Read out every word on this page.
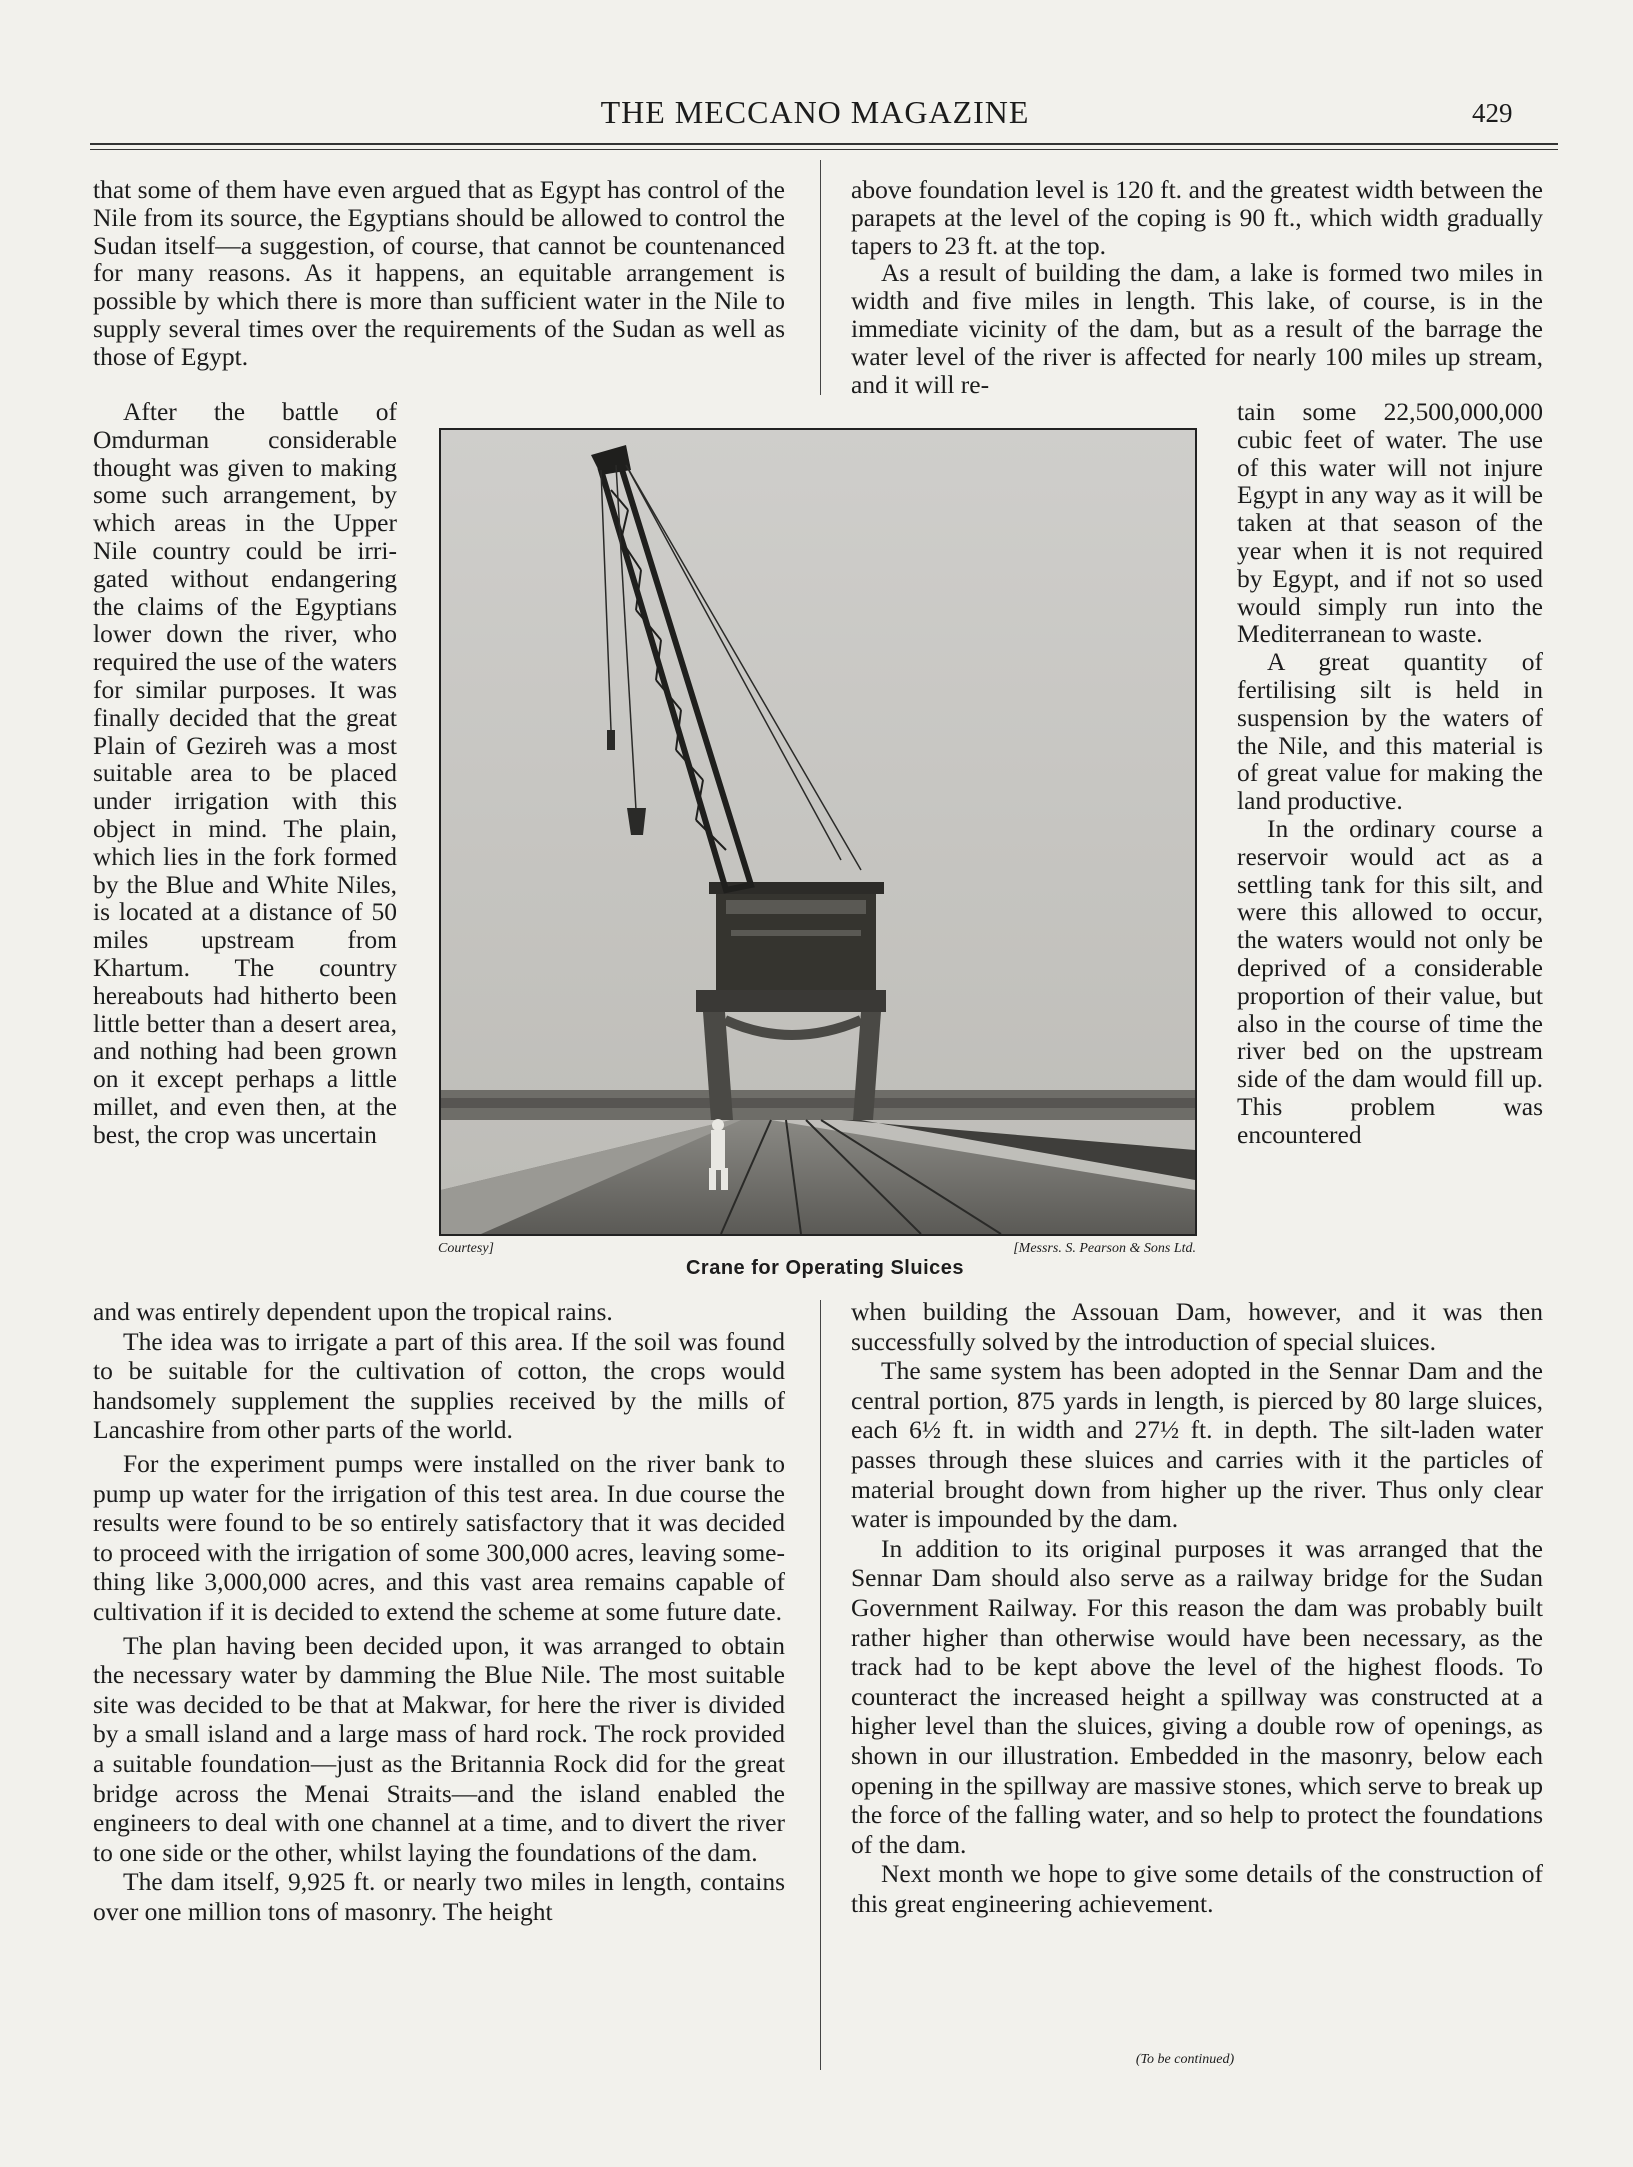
THE MECCANO MAGAZINE	429

that some of them have even argued that as Egypt has control of the Nile from its source, the Egyptians should be allowed to control the Sudan itself—a suggestion, of course, that cannot be countenanced for many reasons. As it happens, an equitable arrangement is possible by which there is more than sufficient water in the Nile to supply several times over the requirements of the Sudan as well as those of Egypt.

After the battle of Omdurman considerable thought was given to making some such arrangement, by which areas in the Upper Nile country could be irrigated without endangering the claims of the Egyptians lower down the river, who required the use of the waters for similar purposes. It was finally decided that the great Plain of Gezireh was a most suitable area to be placed under irrigation with this object in mind. The plain, which lies in the fork formed by the Blue and White Niles, is located at a distance of 50 miles upstream from Khartum. The country hereabouts had hitherto been little better than a desert area, and nothing had been grown on it except perhaps a little millet, and even then, at the best, the crop was uncertain

and was entirely dependent upon the tropical rains.

The idea was to irrigate a part of this area. If the soil was found to be suitable for the cultivation of cotton, the crops would handsomely supplement the supplies received by the mills of Lancashire from other parts of the world.

For the experiment pumps were installed on the river bank to pump up water for the irrigation of this test area. In due course the results were found to be so entirely satisfactory that it was decided to proceed with the irrigation of some 300,000 acres, leaving something like 3,000,000 acres, and this vast area remains capable of cultivation if it is decided to extend the scheme at some future date.

The plan having been decided upon, it was arranged to obtain the necessary water by damming the Blue Nile. The most suitable site was decided to be that at Makwar, for here the river is divided by a small island and a large mass of hard rock. The rock provided a suitable foundation—just as the Britannia Rock did for the great bridge across the Menai Straits—and the island enabled the engineers to deal with one channel at a time, and to divert the river to one side or the other, whilst laying the foundations of the dam.

The dam itself, 9,925 ft. or nearly two miles in length, contains over one million tons of masonry. The height

above foundation level is 120 ft. and the greatest width between the parapets at the level of the coping is 90 ft., which width gradually tapers to 23 ft. at the top.

As a result of building the dam, a lake is formed two miles in width and five miles in length. This lake, of course, is in the immediate vicinity of the dam, but as a result of the barrage the water level of the river is affected for nearly 100 miles up stream, and it will re-

tain some 22,500,000,000 cubic feet of water. The use of this water will not injure Egypt in any way as it will be taken at that season of the year when it is not required by Egypt, and if not so used would simply run into the Mediterranean to waste.

A great quantity of fertilising silt is held in suspension by the waters of the Nile, and this material is of great value for making the land productive.

In the ordinary course a reservoir would act as a settling tank for this silt, and were this allowed to occur, the waters would not only be deprived of a considerable proportion of their value, but also in the course of time the river bed on the upstream side of the dam would fill up. This problem was encountered

when building the Assouan Dam, however, and it was then successfully solved by the introduction of special sluices.

The same system has been adopted in the Sennar Dam and the central portion, 875 yards in length, is pierced by 80 large sluices, each 6½ ft. in width and 27½ ft. in depth. The silt-laden water passes through these sluices and carries with it the particles of material brought down from higher up the river. Thus only clear water is impounded by the dam.

In addition to its original purposes it was arranged that the Sennar Dam should also serve as a railway bridge for the Sudan Government Railway. For this reason the dam was probably built rather higher than otherwise would have been necessary, as the track had to be kept above the level of the highest floods. To counteract the increased height a spillway was constructed at a higher level than the sluices, giving a double row of openings, as shown in our illustration. Embedded in the masonry, below each opening in the spillway are massive stones, which serve to break up the force of the falling water, and so help to protect the foundations of the dam.

Next month we hope to give some details of the construction of this great engineering achievement.

(To be continued)
Courtesy]	[Messrs. S. Pearson & Sons Ltd.
Crane for Operating Sluices
